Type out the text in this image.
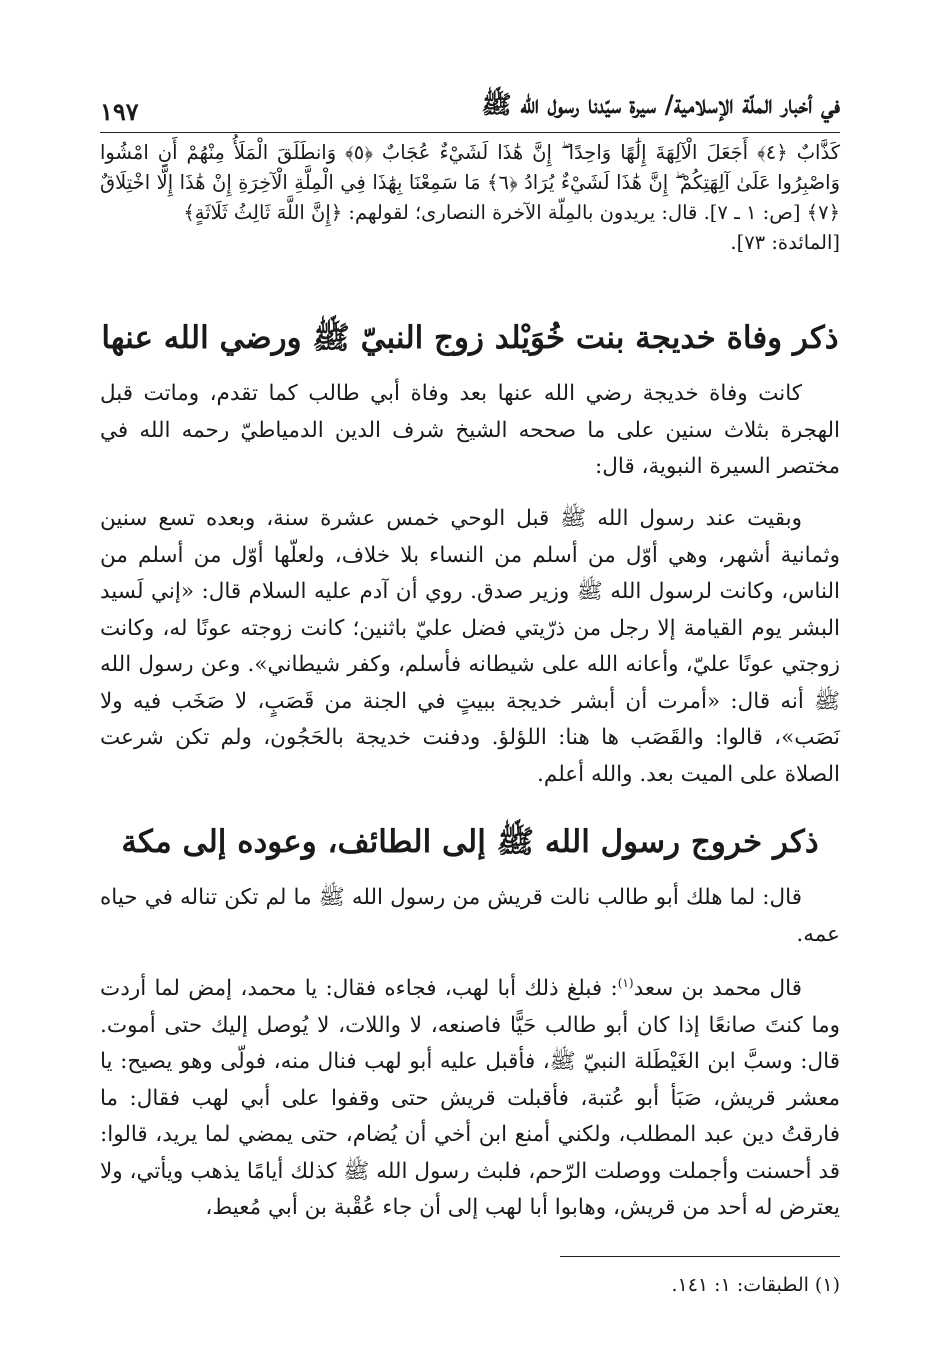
في أخبار الملّة الإسلامية/ سيرة سيّدنا رسول الله ﷺ
١٩٧
كَذَّابٌ ﴿٤﴾ أَجَعَلَ الْآلِهَةَ إِلَٰهًا وَاحِدًا ۖ إِنَّ هَٰذَا لَشَيْءٌ عُجَابٌ ﴿٥﴾ وَانطَلَقَ الْمَلَأُ مِنْهُمْ أَنِ امْشُوا وَاصْبِرُوا عَلَىٰ آلِهَتِكُمْ ۖ إِنَّ هَٰذَا لَشَيْءٌ يُرَادُ ﴿٦﴾ مَا سَمِعْنَا بِهَٰذَا فِي الْمِلَّةِ الْآخِرَةِ إِنْ هَٰذَا إِلَّا اخْتِلَاقٌ ﴿٧﴾ [ص: ١ ـ ٧]. قال: يريدون بالمِلّة الآخرة النصارى؛ لقولهم: ﴿إِنَّ اللَّهَ ثَالِثُ ثَلَاثَةٍ﴾
[المائدة: ٧٣].
ذكر وفاة خديجة بنت خُوَيْلد زوج النبيّ ﷺ ورضي الله عنها

كانت وفاة خديجة رضي الله عنها بعد وفاة أبي طالب كما تقدم، وماتت قبل الهجرة بثلاث سنين على ما صححه الشيخ شرف الدين الدمياطيّ رحمه الله في مختصر السيرة النبوية، قال:

وبقيت عند رسول الله ﷺ قبل الوحي خمس عشرة سنة، وبعده تسع سنين وثمانية أشهر، وهي أوّل من أسلم من النساء بلا خلاف، ولعلّها أوّل من أسلم من الناس، وكانت لرسول الله ﷺ وزير صدق. روي أن آدم عليه السلام قال: «إني لَسيد البشر يوم القيامة إلا رجل من ذرّيتي فضل عليّ باثنين؛ كانت زوجته عونًا له، وكانت زوجتي عونًا عليّ، وأعانه الله على شيطانه فأسلم، وكفر شيطاني». وعن رسول الله ﷺ أنه قال: «أمرت أن أبشر خديجة ببيتٍ في الجنة من قَصَبٍ، لا صَخَب فيه ولا نَصَب»، قالوا: والقَصَب ها هنا: اللؤلؤ. ودفنت خديجة بالحَجُون، ولم تكن شرعت الصلاة على الميت بعد. والله أعلم.

ذكر خروج رسول الله ﷺ إلى الطائف، وعوده إلى مكة

قال: لما هلك أبو طالب نالت قريش من رسول الله ﷺ ما لم تكن تناله في حياه عمه.

قال محمد بن سعد$^{(١)}$: فبلغ ذلك أبا لهب، فجاءه فقال: يا محمد، إمض لما أردت وما كنتَ صانعًا إذا كان أبو طالب حَيًّا فاصنعه، لا واللات، لا يُوصل إليك حتى أموت. قال: وسبَّ ابن الغَيْطَلة النبيّ ﷺ، فأقبل عليه أبو لهب فنال منه، فولّى وهو يصيح: يا معشر قريش، صَبَأ أبو عُتبة، فأقبلت قريش حتى وقفوا على أبي لهب فقال: ما فارقتُ دين عبد المطلب، ولكني أمنع ابن أخي أن يُضام، حتى يمضي لما يريد، قالوا: قد أحسنت وأجملت ووصلت الرّحم، فلبث رسول الله ﷺ كذلك أيامًا يذهب ويأتي، ولا يعترض له أحد من قريش، وهابوا أبا لهب إلى أن جاء عُقْبة بن أبي مُعيط،

(١) الطبقات: ١: ١٤١.
